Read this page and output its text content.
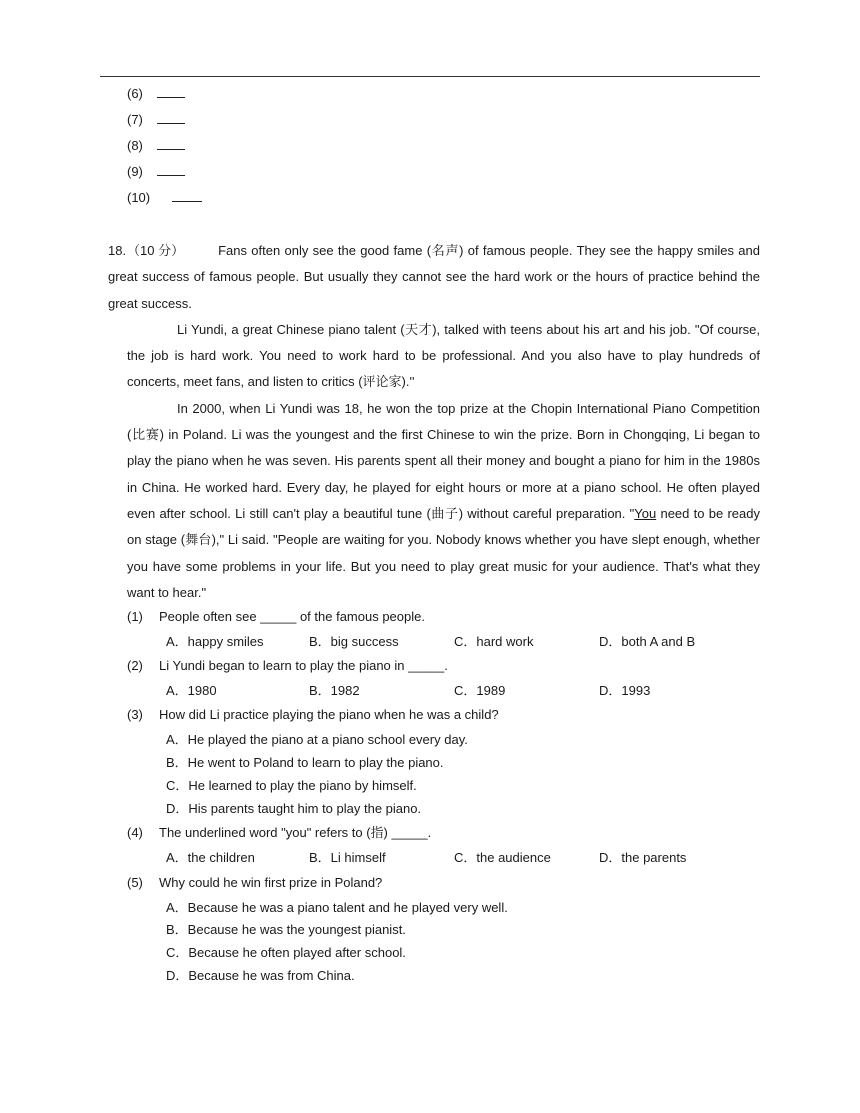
(6)
(7)
(8)
(9)
(10)

18.（10 分）	Fans often only see the good fame (名声) of famous people. They see the happy smiles and great success of famous people. But usually they cannot see the hard work or the hours of practice behind the great success.

Li Yundi, a great Chinese piano talent (天才), talked with teens about his art and his job. "Of course, the job is hard work. You need to work hard to be professional. And you also have to play hundreds of concerts, meet fans, and listen to critics (评论家).''

In 2000, when Li Yundi was 18, he won the top prize at the Chopin International Piano Competition (比赛) in Poland. Li was the youngest and the first Chinese to win the prize. Born in Chongqing, Li began to play the piano when he was seven. His parents spent all their money and bought a piano for him in the 1980s in China. He worked hard. Every day, he played for eight hours or more at a piano school. He often played even after school. Li still can't play a beautiful tune (曲子) without careful preparation. "You need to be ready on stage (舞台)," Li said. "People are waiting for you. Nobody knows whether you have slept enough, whether you have some problems in your life. But you need to play great music for your audience. That's what they want to hear."

(1) People often see _____ of the famous people.
A．happy smiles	B．big success	C．hard work	D．both A and B
(2) Li Yundi began to learn to play the piano in _____.
A．1980	B．1982	C．1989	D．1993
(3) How did Li practice playing the piano when he was a child?
A．He played the piano at a piano school every day.
B．He went to Poland to learn to play the piano.
C．He learned to play the piano by himself.
D．His parents taught him to play the piano.
(4) The underlined word "you" refers to (指) _____.
A．the children	B．Li himself	C．the audience	D．the parents
(5) Why could he win first prize in Poland?
A．Because he was a piano talent and he played very well.
B．Because he was the youngest pianist.
C．Because he often played after school.
D．Because he was from China.
